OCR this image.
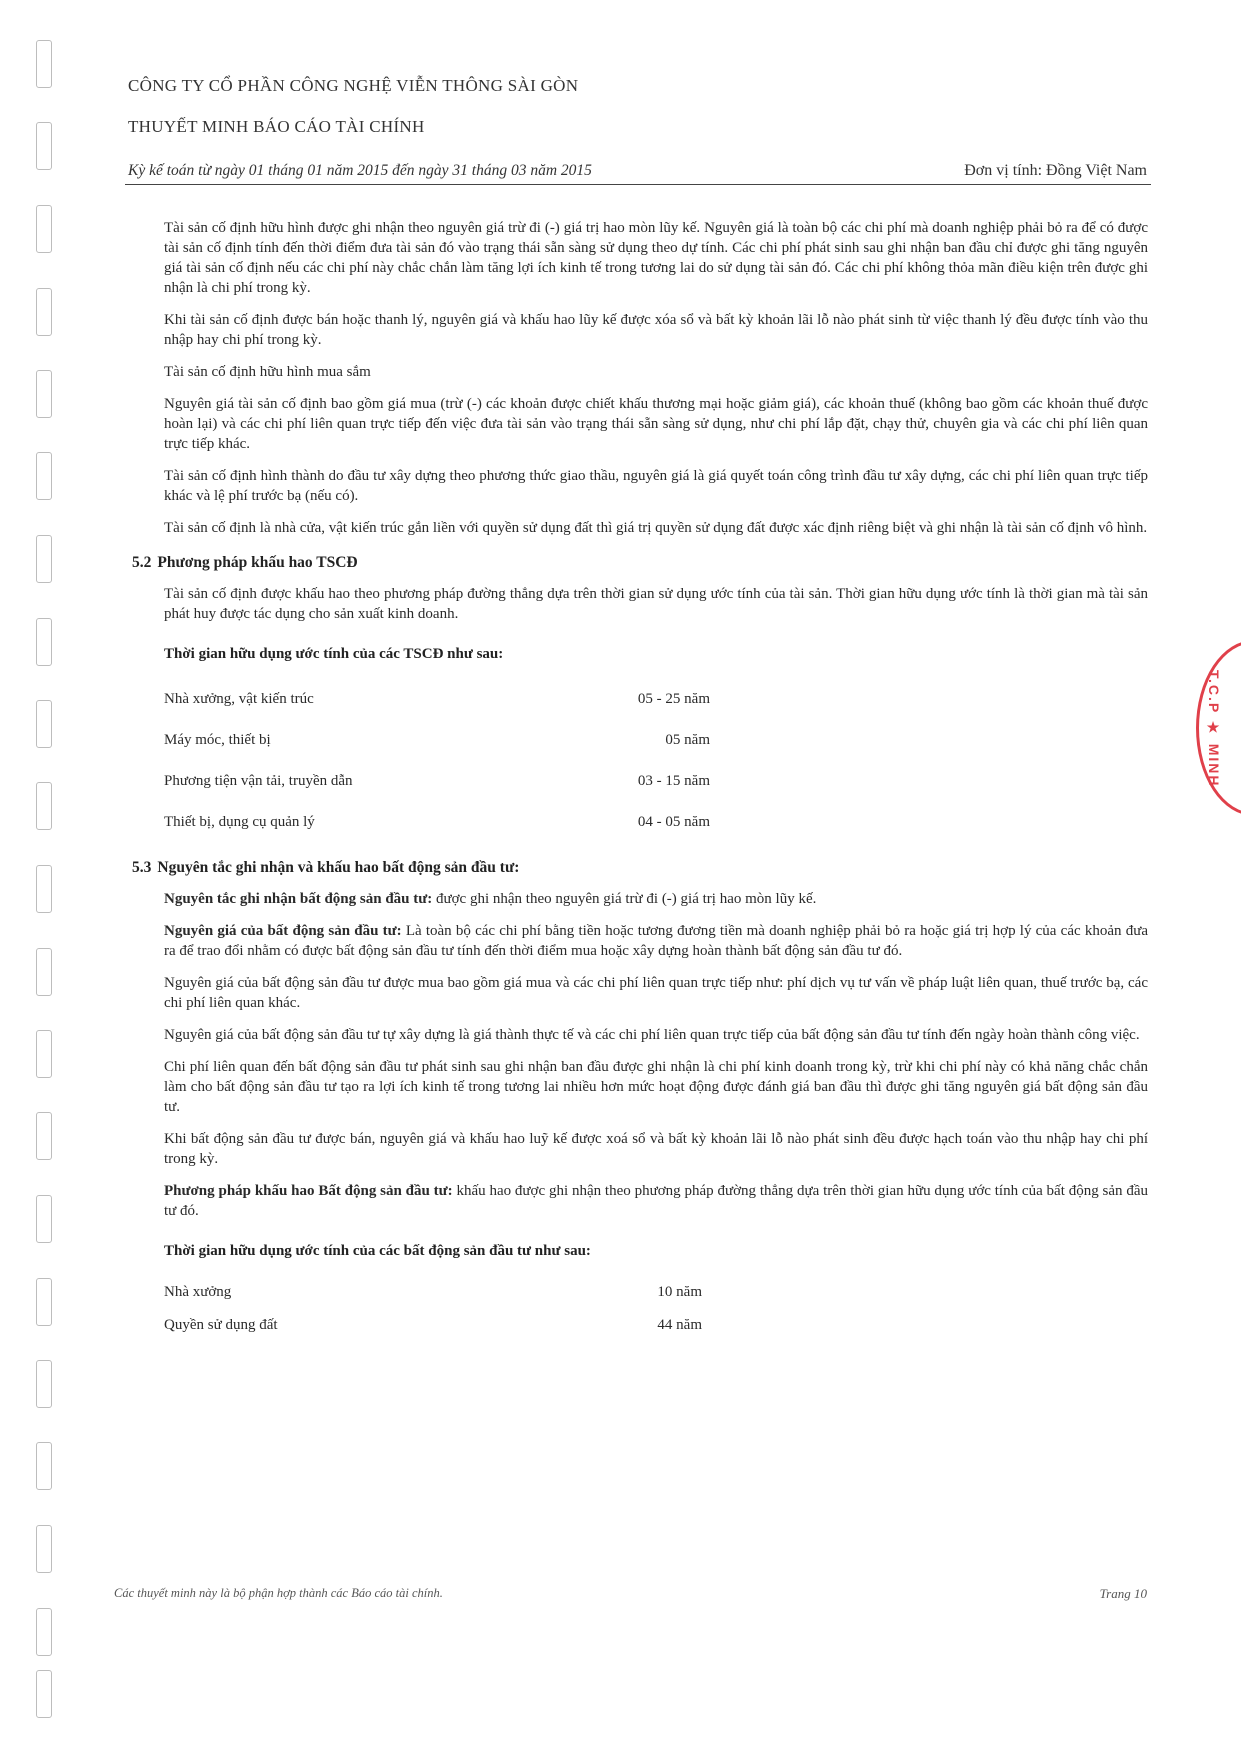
CÔNG TY CỔ PHẦN CÔNG NGHỆ VIỄN THÔNG SÀI GÒN
THUYẾT MINH BÁO CÁO TÀI CHÍNH
Kỳ kế toán từ ngày 01 tháng 01 năm 2015 đến ngày 31 tháng 03 năm 2015	Đơn vị tính: Đồng Việt Nam

Tài sản cố định hữu hình được ghi nhận theo nguyên giá trừ đi (-) giá trị hao mòn lũy kế. Nguyên giá là toàn bộ các chi phí mà doanh nghiệp phải bỏ ra để có được tài sản cố định tính đến thời điểm đưa tài sản đó vào trạng thái sẵn sàng sử dụng theo dự tính. Các chi phí phát sinh sau ghi nhận ban đầu chỉ được ghi tăng nguyên giá tài sản cố định nếu các chi phí này chắc chắn làm tăng lợi ích kinh tế trong tương lai do sử dụng tài sản đó. Các chi phí không thỏa mãn điều kiện trên được ghi nhận là chi phí trong kỳ.

Khi tài sản cố định được bán hoặc thanh lý, nguyên giá và khấu hao lũy kế được xóa sổ và bất kỳ khoản lãi lỗ nào phát sinh từ việc thanh lý đều được tính vào thu nhập hay chi phí trong kỳ.

Tài sản cố định hữu hình mua sắm

Nguyên giá tài sản cố định bao gồm giá mua (trừ (-) các khoản được chiết khấu thương mại hoặc giảm giá), các khoản thuế (không bao gồm các khoản thuế được hoàn lại) và các chi phí liên quan trực tiếp đến việc đưa tài sản vào trạng thái sẵn sàng sử dụng, như chi phí lắp đặt, chạy thử, chuyên gia và các chi phí liên quan trực tiếp khác.

Tài sản cố định hình thành do đầu tư xây dựng theo phương thức giao thầu, nguyên giá là giá quyết toán công trình đầu tư xây dựng, các chi phí liên quan trực tiếp khác và lệ phí trước bạ (nếu có).

Tài sản cố định là nhà cửa, vật kiến trúc gắn liền với quyền sử dụng đất thì giá trị quyền sử dụng đất được xác định riêng biệt và ghi nhận là tài sản cố định vô hình.

5.2 Phương pháp khấu hao TSCĐ

Tài sản cố định được khấu hao theo phương pháp đường thẳng dựa trên thời gian sử dụng ước tính của tài sản. Thời gian hữu dụng ước tính là thời gian mà tài sản phát huy được tác dụng cho sản xuất kinh doanh.

Thời gian hữu dụng ước tính của các TSCĐ như sau:
Nhà xưởng, vật kiến trúc	05 - 25 năm
Máy móc, thiết bị	05 năm
Phương tiện vận tải, truyền dẫn	03 - 15 năm
Thiết bị, dụng cụ quản lý	04 - 05 năm
5.3 Nguyên tắc ghi nhận và khấu hao bất động sản đầu tư:

Nguyên tắc ghi nhận bất động sản đầu tư: được ghi nhận theo nguyên giá trừ đi (-) giá trị hao mòn lũy kế.

Nguyên giá của bất động sản đầu tư: Là toàn bộ các chi phí bằng tiền hoặc tương đương tiền mà doanh nghiệp phải bỏ ra hoặc giá trị hợp lý của các khoản đưa ra để trao đổi nhằm có được bất động sản đầu tư tính đến thời điểm mua hoặc xây dựng hoàn thành bất động sản đầu tư đó.

Nguyên giá của bất động sản đầu tư được mua bao gồm giá mua và các chi phí liên quan trực tiếp như: phí dịch vụ tư vấn về pháp luật liên quan, thuế trước bạ, các chi phí liên quan khác.

Nguyên giá của bất động sản đầu tư tự xây dựng là giá thành thực tế và các chi phí liên quan trực tiếp của bất động sản đầu tư tính đến ngày hoàn thành công việc.

Chi phí liên quan đến bất động sản đầu tư phát sinh sau ghi nhận ban đầu được ghi nhận là chi phí kinh doanh trong kỳ, trừ khi chi phí này có khả năng chắc chắn làm cho bất động sản đầu tư tạo ra lợi ích kinh tế trong tương lai nhiều hơn mức hoạt động được đánh giá ban đầu thì được ghi tăng nguyên giá bất động sản đầu tư.

Khi bất động sản đầu tư được bán, nguyên giá và khấu hao luỹ kế được xoá sổ và bất kỳ khoản lãi lỗ nào phát sinh đều được hạch toán vào thu nhập hay chi phí trong kỳ.

Phương pháp khấu hao Bất động sản đầu tư: khấu hao được ghi nhận theo phương pháp đường thẳng dựa trên thời gian hữu dụng ước tính của bất động sản đầu tư đó.

Thời gian hữu dụng ước tính của các bất động sản đầu tư như sau:
Nhà xưởng	10 năm
Quyền sử dụng đất	44 năm
Các thuyết minh này là bộ phận hợp thành các Báo cáo tài chính.	Trang 10
T.C.P ★ MINH
